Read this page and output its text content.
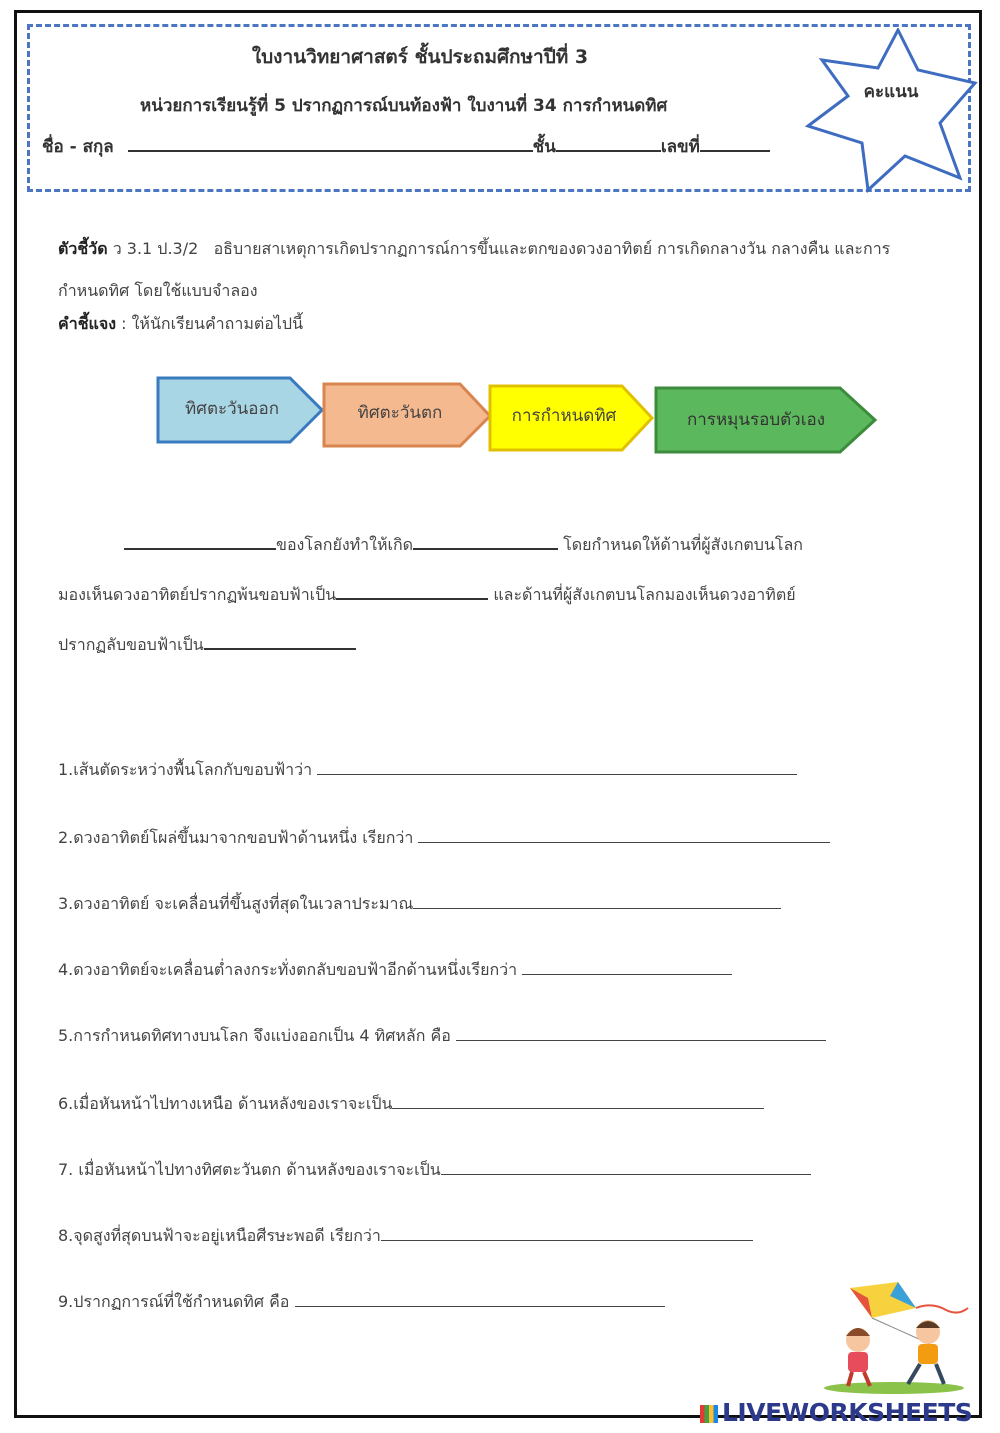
ใบงานวิทยาศาสตร์ ชั้นประถมศึกษาปีที่ 3
หน่วยการเรียนรู้ที่ 5 ปรากฏการณ์บนท้องฟ้า ใบงานที่ 34 การกำหนดทิศ
ชื่อ - สกุล	ชั้น	เลขที่
คะแนน
ตัวชี้วัด ว 3.1 ป.3/2 อธิบายสาเหตุการเกิดปรากฏการณ์การขึ้นและตกของดวงอาทิตย์ การเกิดกลางวัน กลางคืน และการกำหนดทิศ โดยใช้แบบจำลอง
คำชี้แจง : ให้นักเรียนคำถามต่อไปนี้
ทิศตะวันออก	ทิศตะวันตก	การกำหนดทิศ	การหมุนรอบตัวเอง
ของโลกยังทำให้เกิด	โดยกำหนดให้ด้านที่ผู้สังเกตบนโลก
มองเห็นดวงอาทิตย์ปรากฏพ้นขอบฟ้าเป็น	และด้านที่ผู้สังเกตบนโลกมองเห็นดวงอาทิตย์
ปรากฏลับขอบฟ้าเป็น
1.เส้นตัดระหว่างพื้นโลกกับขอบฟ้าว่า
2.ดวงอาทิตย์โผล่ขึ้นมาจากขอบฟ้าด้านหนึ่ง เรียกว่า
3.ดวงอาทิตย์ จะเคลื่อนที่ขึ้นสูงที่สุดในเวลาประมาณ
4.ดวงอาทิตย์จะเคลื่อนต่ำลงกระทั่งตกลับขอบฟ้าอีกด้านหนึ่งเรียกว่า
5.การกำหนดทิศทางบนโลก จึงแบ่งออกเป็น 4 ทิศหลัก คือ
6.เมื่อหันหน้าไปทางเหนือ ด้านหลังของเราจะเป็น
7. เมื่อหันหน้าไปทางทิศตะวันตก ด้านหลังของเราจะเป็น
8.จุดสูงที่สุดบนฟ้าจะอยู่เหนือศีรษะพอดี เรียกว่า
9.ปรากฏการณ์ที่ใช้กำหนดทิศ คือ
LIVEWORKSHEETS
